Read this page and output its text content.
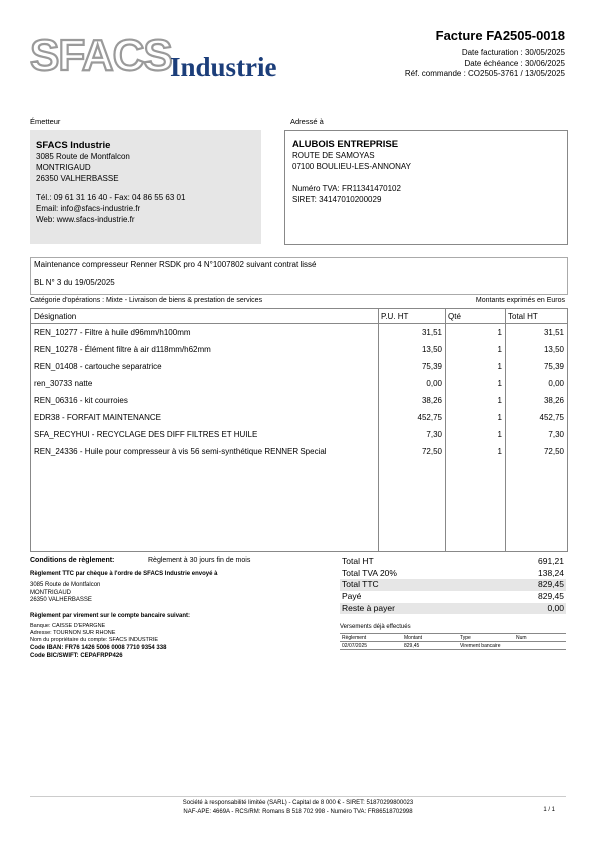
SFACS
Industrie
Facture FA2505-0018
Date facturation : 30/05/2025
Date échéance : 30/06/2025
Réf. commande : CO2505-3761 / 13/05/2025
Émetteur
SFACS Industrie
3085 Route de Montfalcon
MONTRIGAUD
26350 VALHERBASSE
Tél.: 09 61 31 16 40 - Fax: 04 86 55 63 01
Email: info@sfacs-industrie.fr
Web: www.sfacs-industrie.fr
Adressé à
ALUBOIS ENTREPRISE
ROUTE DE SAMOYAS
07100 BOULIEU-LES-ANNONAY
Numéro TVA: FR11341470102
SIRET: 34147010200029
Maintenance compresseur Renner RSDK pro 4 N°1007802 suivant contrat lissé
BL N° 3 du 19/05/2025
Catégorie d'opérations : Mixte - Livraison de biens & prestation de services	Montants exprimés en Euros
Désignation	P.U. HT	Qté	Total HT
REN_10277 - Filtre à huile d96mm/h100mm	31,51	1	31,51
REN_10278 - Élément filtre à air d118mm/h62mm	13,50	1	13,50
REN_01408 - cartouche separatrice	75,39	1	75,39
ren_30733 natte	0,00	1	0,00
REN_06316 - kit courroies	38,26	1	38,26
EDR38 - FORFAIT MAINTENANCE	452,75	1	452,75
SFA_RECYHUI - RECYCLAGE DES DIFF FILTRES ET HUILE	7,30	1	7,30
REN_24336 - Huile pour compresseur à vis 56 semi-synthétique RENNER Special	72,50	1	72,50
Conditions de règlement:	Règlement à 30 jours fin de mois
Règlement TTC par chèque à l'ordre de SFACS Industrie envoyé à
3085 Route de Montfalcon
MONTRIGAUD
26350 VALHERBASSE
Règlement par virement sur le compte bancaire suivant:
Banque: CAISSE D'EPARGNE
Adresse: TOURNON SUR RHONE
Nom du propriétaire du compte: SFACS INDUSTRIE
Code IBAN: FR76 1426 5006 0008 7710 9354 338
Code BIC/SWIFT: CEPAFRPP426
Total HT	691,21
Total TVA 20%	138,24
Total TTC	829,45
Payé	829,45
Reste à payer	0,00
Versements déjà effectués
Règlement	Montant	Type	Num
02/07/2025	829,45	Virement bancaire	
Société à responsabilité limitée (SARL) - Capital de 8 000 € - SIRET: 51870299800023
NAF-APE: 4669A - RCS/RM: Romans B 518 702 998 - Numéro TVA: FR86518702998	1 / 1
